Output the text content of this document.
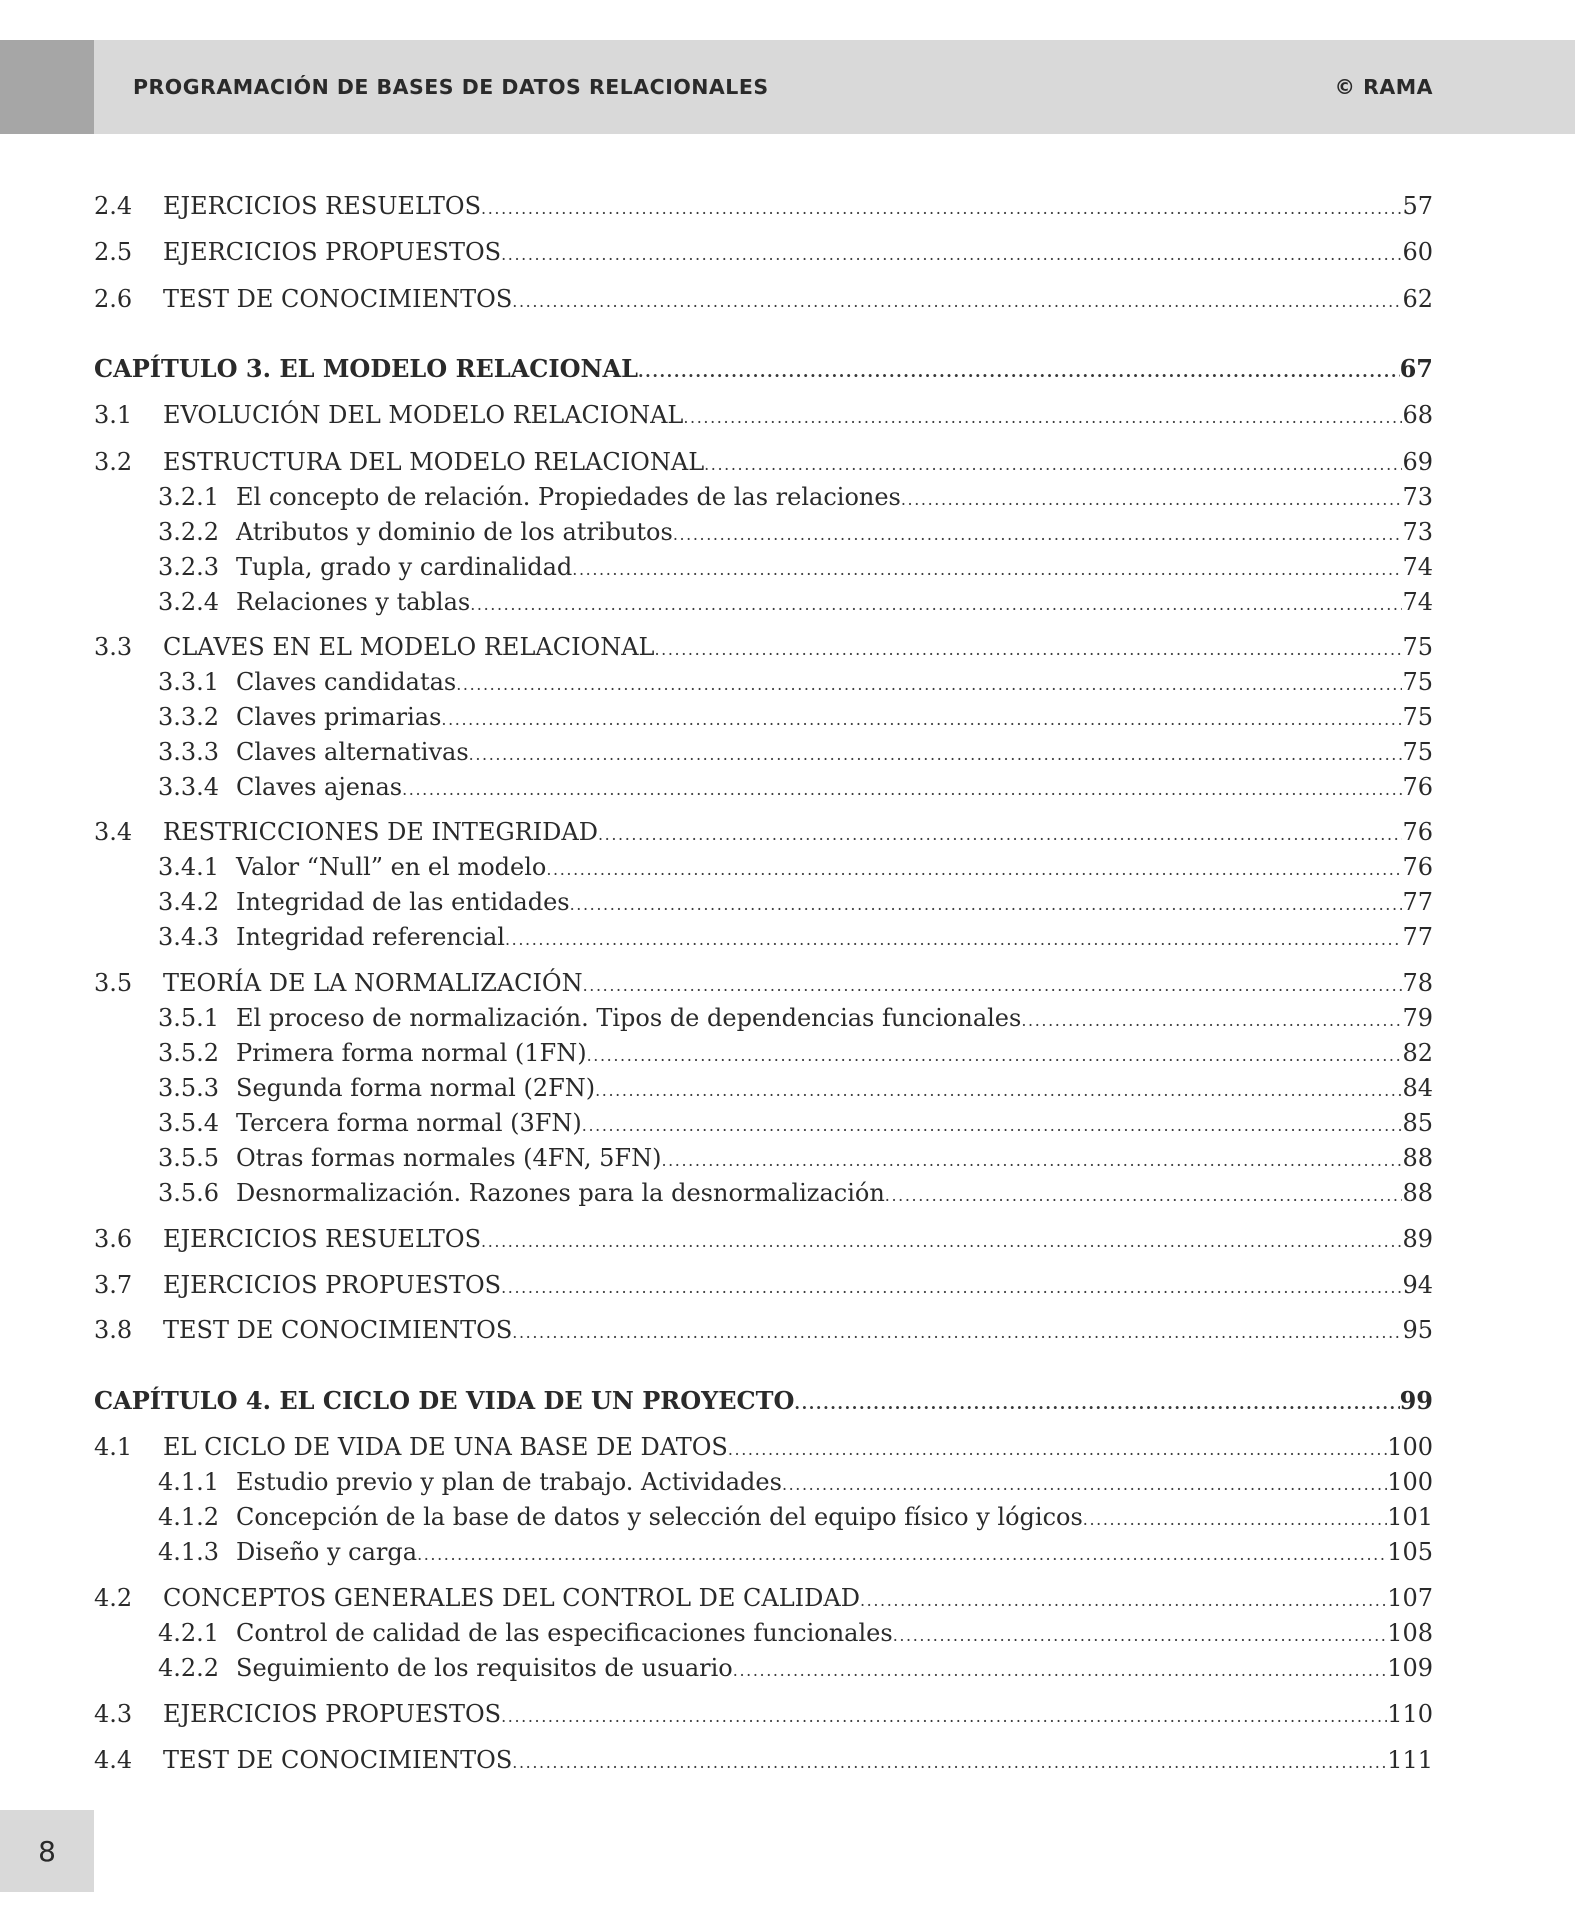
PROGRAMACIÓN DE BASES DE DATOS RELACIONALES	© RAMA
2.4	EJERCICIOS RESUELTOS .....	57
2.5	EJERCICIOS PROPUESTOS .....	60
2.6	TEST DE CONOCIMIENTOS .....	62
CAPÍTULO 3. EL MODELO RELACIONAL .....	67
3.1	EVOLUCIÓN DEL MODELO RELACIONAL .....	68
3.2	ESTRUCTURA DEL MODELO RELACIONAL .....	69
3.2.1 El concepto de relación. Propiedades de las relaciones .....	73
3.2.2 Atributos y dominio de los atributos .....	73
3.2.3 Tupla, grado y cardinalidad .....	74
3.2.4 Relaciones y tablas .....	74
3.3	CLAVES EN EL MODELO RELACIONAL .....	75
3.3.1 Claves candidatas .....	75
3.3.2 Claves primarias .....	75
3.3.3 Claves alternativas .....	75
3.3.4 Claves ajenas .....	76
3.4	RESTRICCIONES DE INTEGRIDAD .....	76
3.4.1 Valor “Null” en el modelo .....	76
3.4.2 Integridad de las entidades .....	77
3.4.3 Integridad referencial .....	77
3.5	TEORÍA DE LA NORMALIZACIÓN .....	78
3.5.1 El proceso de normalización. Tipos de dependencias funcionales .....	79
3.5.2 Primera forma normal (1FN) .....	82
3.5.3 Segunda forma normal (2FN) .....	84
3.5.4 Tercera forma normal (3FN) .....	85
3.5.5 Otras formas normales (4FN, 5FN) .....	88
3.5.6 Desnormalización. Razones para la desnormalización .....	88
3.6	EJERCICIOS RESUELTOS .....	89
3.7	EJERCICIOS PROPUESTOS .....	94
3.8	TEST DE CONOCIMIENTOS .....	95
CAPÍTULO 4. EL CICLO DE VIDA DE UN PROYECTO .....	99
4.1	EL CICLO DE VIDA DE UNA BASE DE DATOS .....	100
4.1.1 Estudio previo y plan de trabajo. Actividades .....	100
4.1.2 Concepción de la base de datos y selección del equipo físico y lógicos .....	101
4.1.3 Diseño y carga .....	105
4.2	CONCEPTOS GENERALES DEL CONTROL DE CALIDAD .....	107
4.2.1 Control de calidad de las especificaciones funcionales .....	108
4.2.2 Seguimiento de los requisitos de usuario .....	109
4.3	EJERCICIOS PROPUESTOS .....	110
4.4	TEST DE CONOCIMIENTOS .....	111
8
